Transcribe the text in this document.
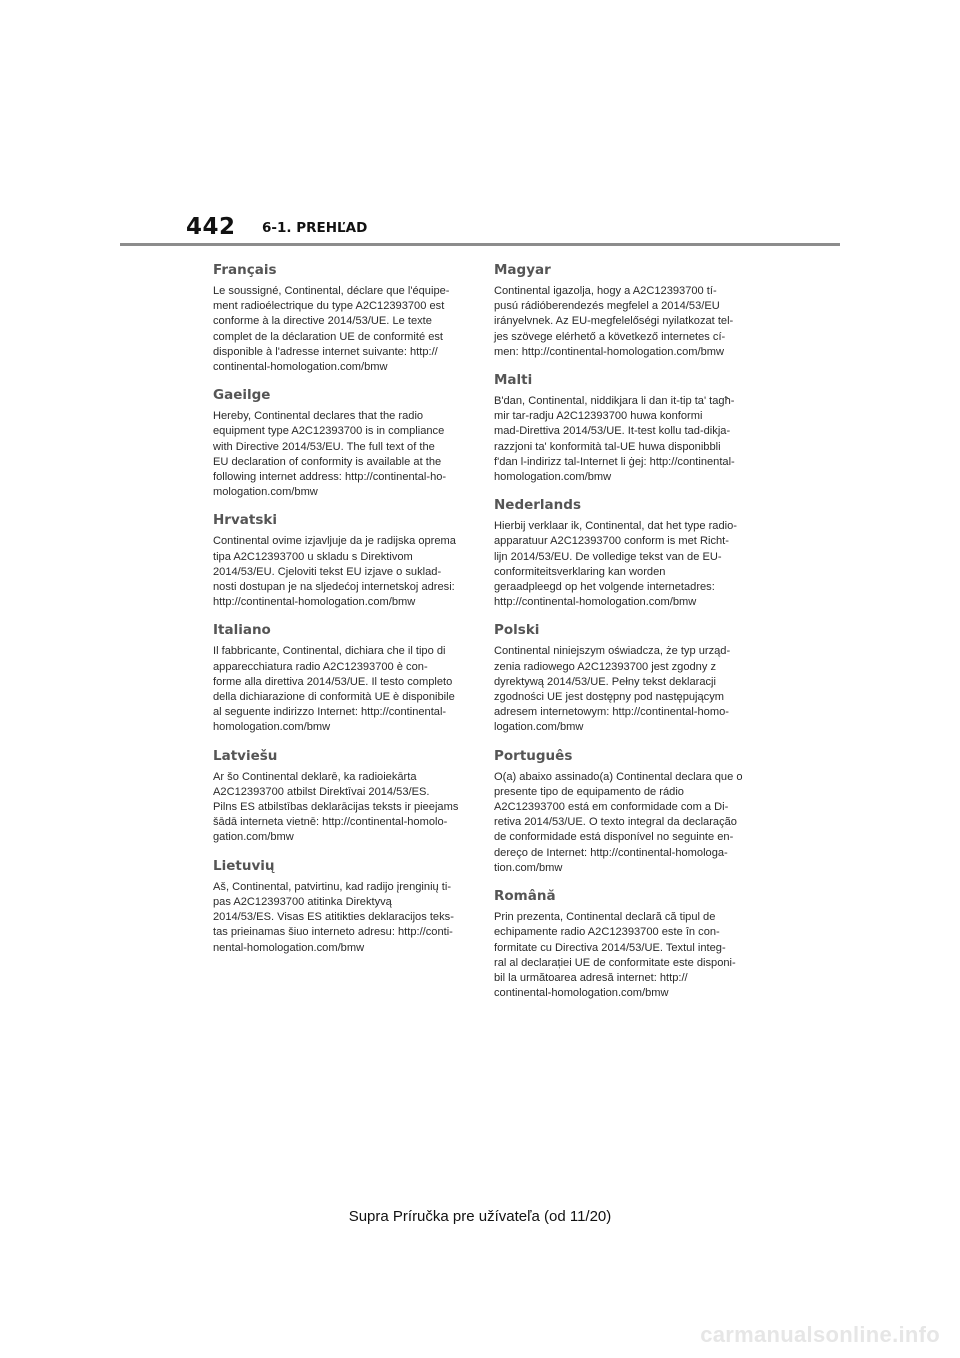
442 6-1. PREHĽAD
Français

Le soussigné, Continental, déclare que l'équipe-
ment radioélectrique du type A2C12393700 est
conforme à la directive 2014/53/UE. Le texte
complet de la déclaration UE de conformité est
disponible à l'adresse internet suivante: http://
continental-homologation.com/bmw

Gaeilge

Hereby, Continental declares that the radio
equipment type A2C12393700 is in compliance
with Directive 2014/53/EU. The full text of the
EU declaration of conformity is available at the
following internet address: http://continental-ho-
mologation.com/bmw

Hrvatski

Continental ovime izjavljuje da je radijska oprema
tipa A2C12393700 u skladu s Direktivom
2014/53/EU. Cjeloviti tekst EU izjave o suklad-
nosti dostupan je na sljedećoj internetskoj adresi:
http://continental-homologation.com/bmw

Italiano

Il fabbricante, Continental, dichiara che il tipo di
apparecchiatura radio A2C12393700 è con-
forme alla direttiva 2014/53/UE. Il testo completo
della dichiarazione di conformità UE è disponibile
al seguente indirizzo Internet: http://continental-
homologation.com/bmw

Latviešu

Ar šo Continental deklarē, ka radioiekārta
A2C12393700 atbilst Direktīvai 2014/53/ES.
Pilns ES atbilstības deklarācijas teksts ir pieejams
šādā interneta vietnē: http://continental-homolo-
gation.com/bmw

Lietuvių

Aš, Continental, patvirtinu, kad radijo įrenginių ti-
pas A2C12393700 atitinka Direktyvą
2014/53/ES. Visas ES atitikties deklaracijos teks-
tas prieinamas šiuo interneto adresu: http://conti-
nental-homologation.com/bmw

Magyar

Continental igazolja, hogy a A2C12393700 tí-
pusú rádióberendezés megfelel a 2014/53/EU
irányelvnek. Az EU-megfelelőségi nyilatkozat tel-
jes szövege elérhető a következő internetes cí-
men: http://continental-homologation.com/bmw

Malti

B'dan, Continental, niddikjara li dan it-tip ta' tagħ-
mir tar-radju A2C12393700 huwa konformi
mad-Direttiva 2014/53/UE. It-test kollu tad-dikja-
razzjoni ta' konformità tal-UE huwa disponibbli
f'dan l-indirizz tal-Internet li ġej: http://continental-
homologation.com/bmw

Nederlands

Hierbij verklaar ik, Continental, dat het type radio-
apparatuur A2C12393700 conform is met Richt-
lijn 2014/53/EU. De volledige tekst van de EU-
conformiteitsverklaring kan worden
geraadpleegd op het volgende internetadres:
http://continental-homologation.com/bmw

Polski

Continental niniejszym oświadcza, że typ urząd-
zenia radiowego A2C12393700 jest zgodny z
dyrektywą 2014/53/UE. Pełny tekst deklaracji
zgodności UE jest dostępny pod następującym
adresem internetowym: http://continental-homo-
logation.com/bmw

Português

O(a) abaixo assinado(a) Continental declara que o
presente tipo de equipamento de rádio
A2C12393700 está em conformidade com a Di-
retiva 2014/53/UE. O texto integral da declaração
de conformidade está disponível no seguinte en-
dereço de Internet: http://continental-homologa-
tion.com/bmw

Română

Prin prezenta, Continental declară că tipul de
echipamente radio A2C12393700 este în con-
formitate cu Directiva 2014/53/UE. Textul integ-
ral al declarației UE de conformitate este disponi-
bil la următoarea adresă internet: http://
continental-homologation.com/bmw

Supra Príručka pre užívateľa (od 11/20)
carmanualsonline.info
